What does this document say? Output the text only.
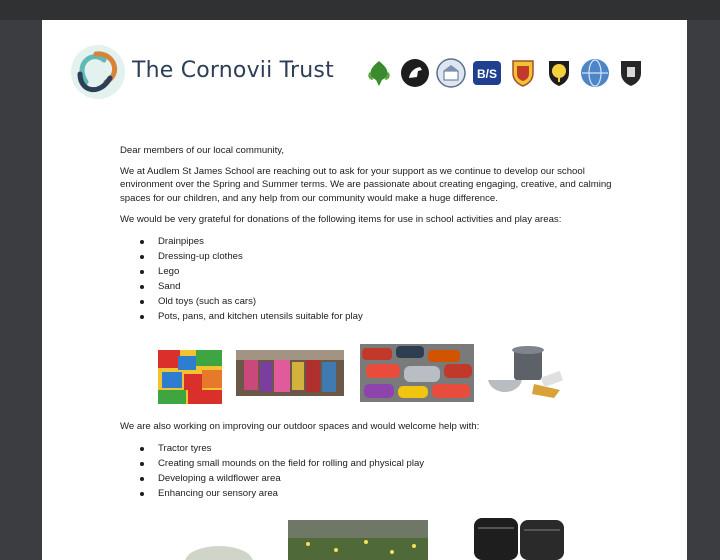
The Cornovii Trust	B/S

Dear members of our local community,

We at Audlem St James School are reaching out to ask for your support as we continue to develop our school environment over the Spring and Summer terms. We are passionate about creating engaging, creative, and calming spaces for our children, and any help from our community would make a huge difference.

We would be very grateful for donations of the following items for use in school activities and play areas:

Drainpipes
Dressing-up clothes
Lego
Sand
Old toys (such as cars)
Pots, pans, and kitchen utensils suitable for play

We are also working on improving our outdoor spaces and would welcome help with:

Tractor tyres
Creating small mounds on the field for rolling and physical play
Developing a wildflower area
Enhancing our sensory area
